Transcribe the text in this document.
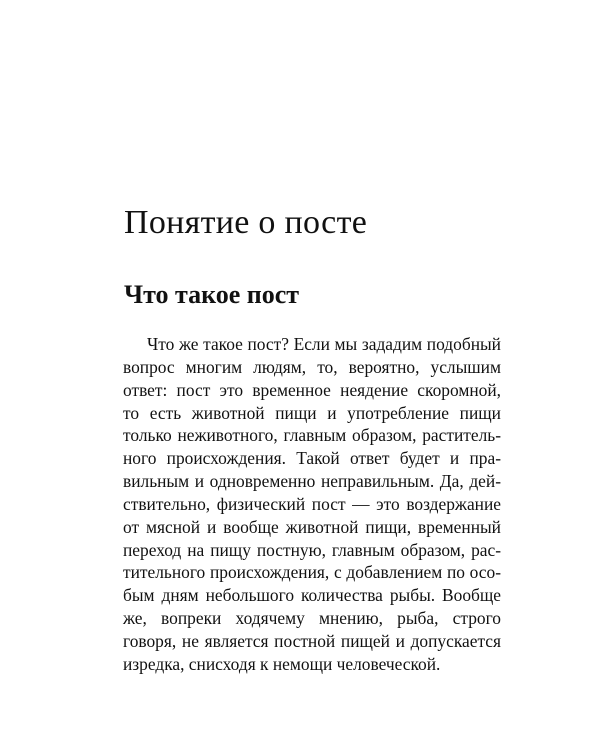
Понятие о посте
Что такое пост
Что же такое пост? Если мы зададим подобный
вопрос многим людям, то, вероятно, услышим
ответ: пост это временное неядение скоромной,
то есть животной пищи и употребление пищи
только неживотного, главным образом, раститель-
ного происхождения. Такой ответ будет и пра-
вильным и одновременно неправильным. Да, дей-
ствительно, физический пост — это воздержание
от мясной и вообще животной пищи, временный
переход на пищу постную, главным образом, рас-
тительного происхождения, с добавлением по осо-
бым дням небольшого количества рыбы. Вообще
же, вопреки ходячему мнению, рыба, строго
говоря, не является постной пищей и допускается
изредка, снисходя к немощи человеческой.
